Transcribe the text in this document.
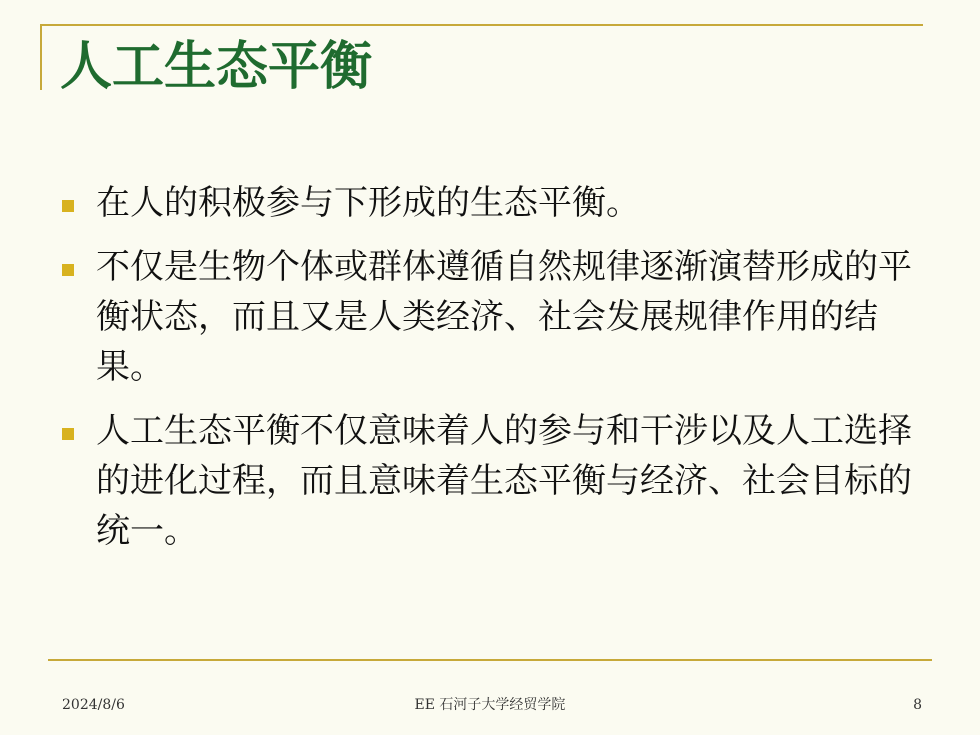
人工生态平衡
在人的积极参与下形成的生态平衡。
不仅是生物个体或群体遵循自然规律逐渐演替形成的平衡状态，而且又是人类经济、社会发展规律作用的结果。
人工生态平衡不仅意味着人的参与和干涉以及人工选择的进化过程，而且意味着生态平衡与经济、社会目标的统一。
2024/8/6	EE 石河子大学经贸学院	8
